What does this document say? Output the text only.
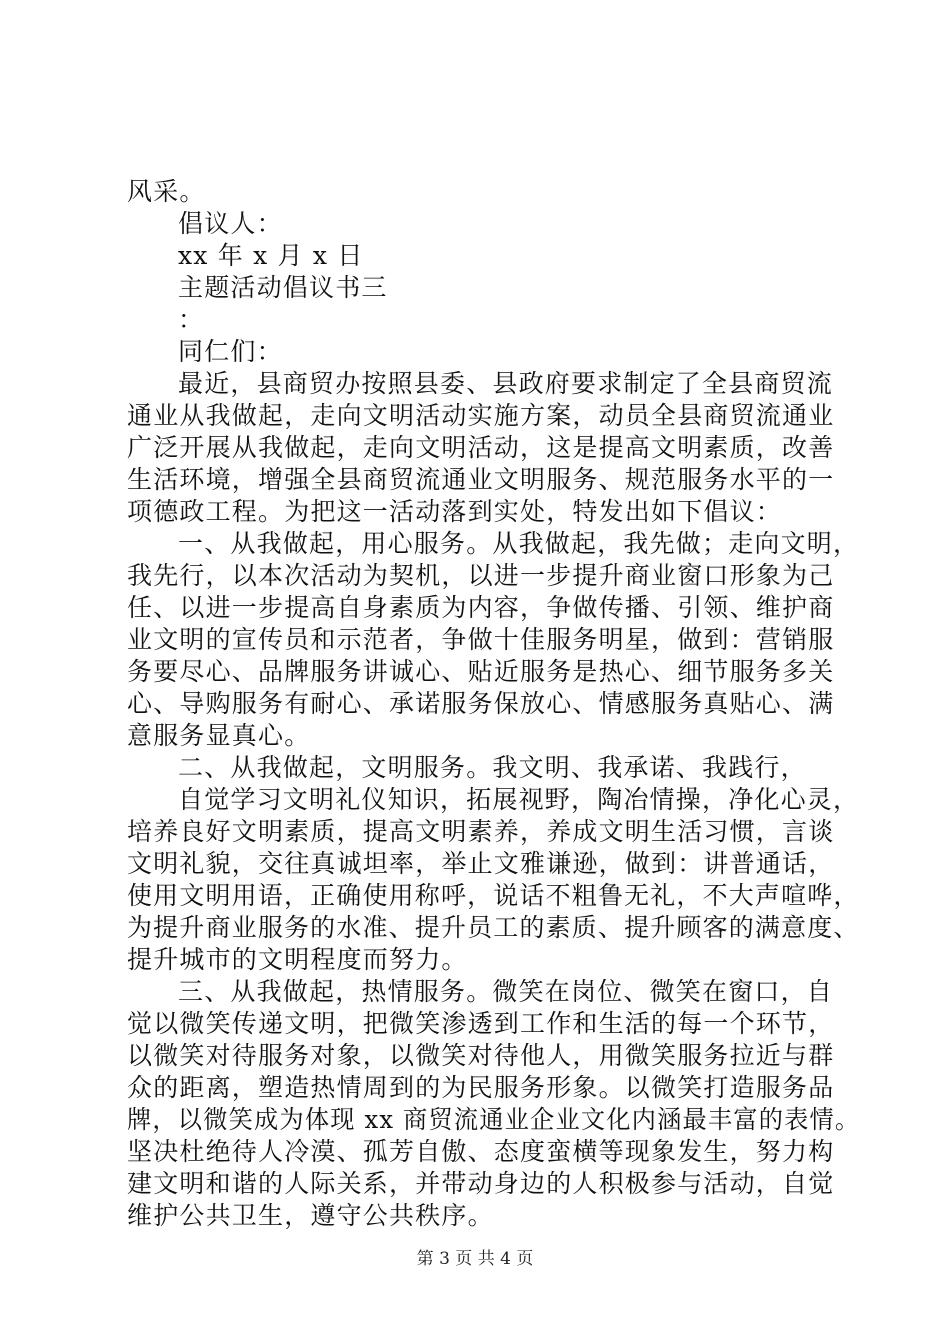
风采。
倡议人：
xx 年 x 月 x 日
主题活动倡议书三
：
同仁们：
最近，县商贸办按照县委、县政府要求制定了全县商贸流
通业从我做起，走向文明活动实施方案，动员全县商贸流通业
广泛开展从我做起，走向文明活动，这是提高文明素质，改善
生活环境，增强全县商贸流通业文明服务、规范服务水平的一
项德政工程。为把这一活动落到实处，特发出如下倡议：
一、从我做起，用心服务。从我做起，我先做；走向文明，
我先行，以本次活动为契机，以进一步提升商业窗口形象为己
任、以进一步提高自身素质为内容，争做传播、引领、维护商
业文明的宣传员和示范者，争做十佳服务明星，做到：营销服
务要尽心、品牌服务讲诚心、贴近服务是热心、细节服务多关
心、导购服务有耐心、承诺服务保放心、情感服务真贴心、满
意服务显真心。
二、从我做起，文明服务。我文明、我承诺、我践行，
自觉学习文明礼仪知识，拓展视野，陶冶情操，净化心灵，
培养良好文明素质，提高文明素养，养成文明生活习惯，言谈
文明礼貌，交往真诚坦率，举止文雅谦逊，做到：讲普通话，
使用文明用语，正确使用称呼，说话不粗鲁无礼，不大声喧哗，
为提升商业服务的水准、提升员工的素质、提升顾客的满意度、
提升城市的文明程度而努力。
三、从我做起，热情服务。微笑在岗位、微笑在窗口，自
觉以微笑传递文明，把微笑渗透到工作和生活的每一个环节，
以微笑对待服务对象，以微笑对待他人，用微笑服务拉近与群
众的距离，塑造热情周到的为民服务形象。以微笑打造服务品
牌，以微笑成为体现 xx 商贸流通业企业文化内涵最丰富的表情。
坚决杜绝待人冷漠、孤芳自傲、态度蛮横等现象发生，努力构
建文明和谐的人际关系，并带动身边的人积极参与活动，自觉
维护公共卫生，遵守公共秩序。
第 3 页 共 4 页
